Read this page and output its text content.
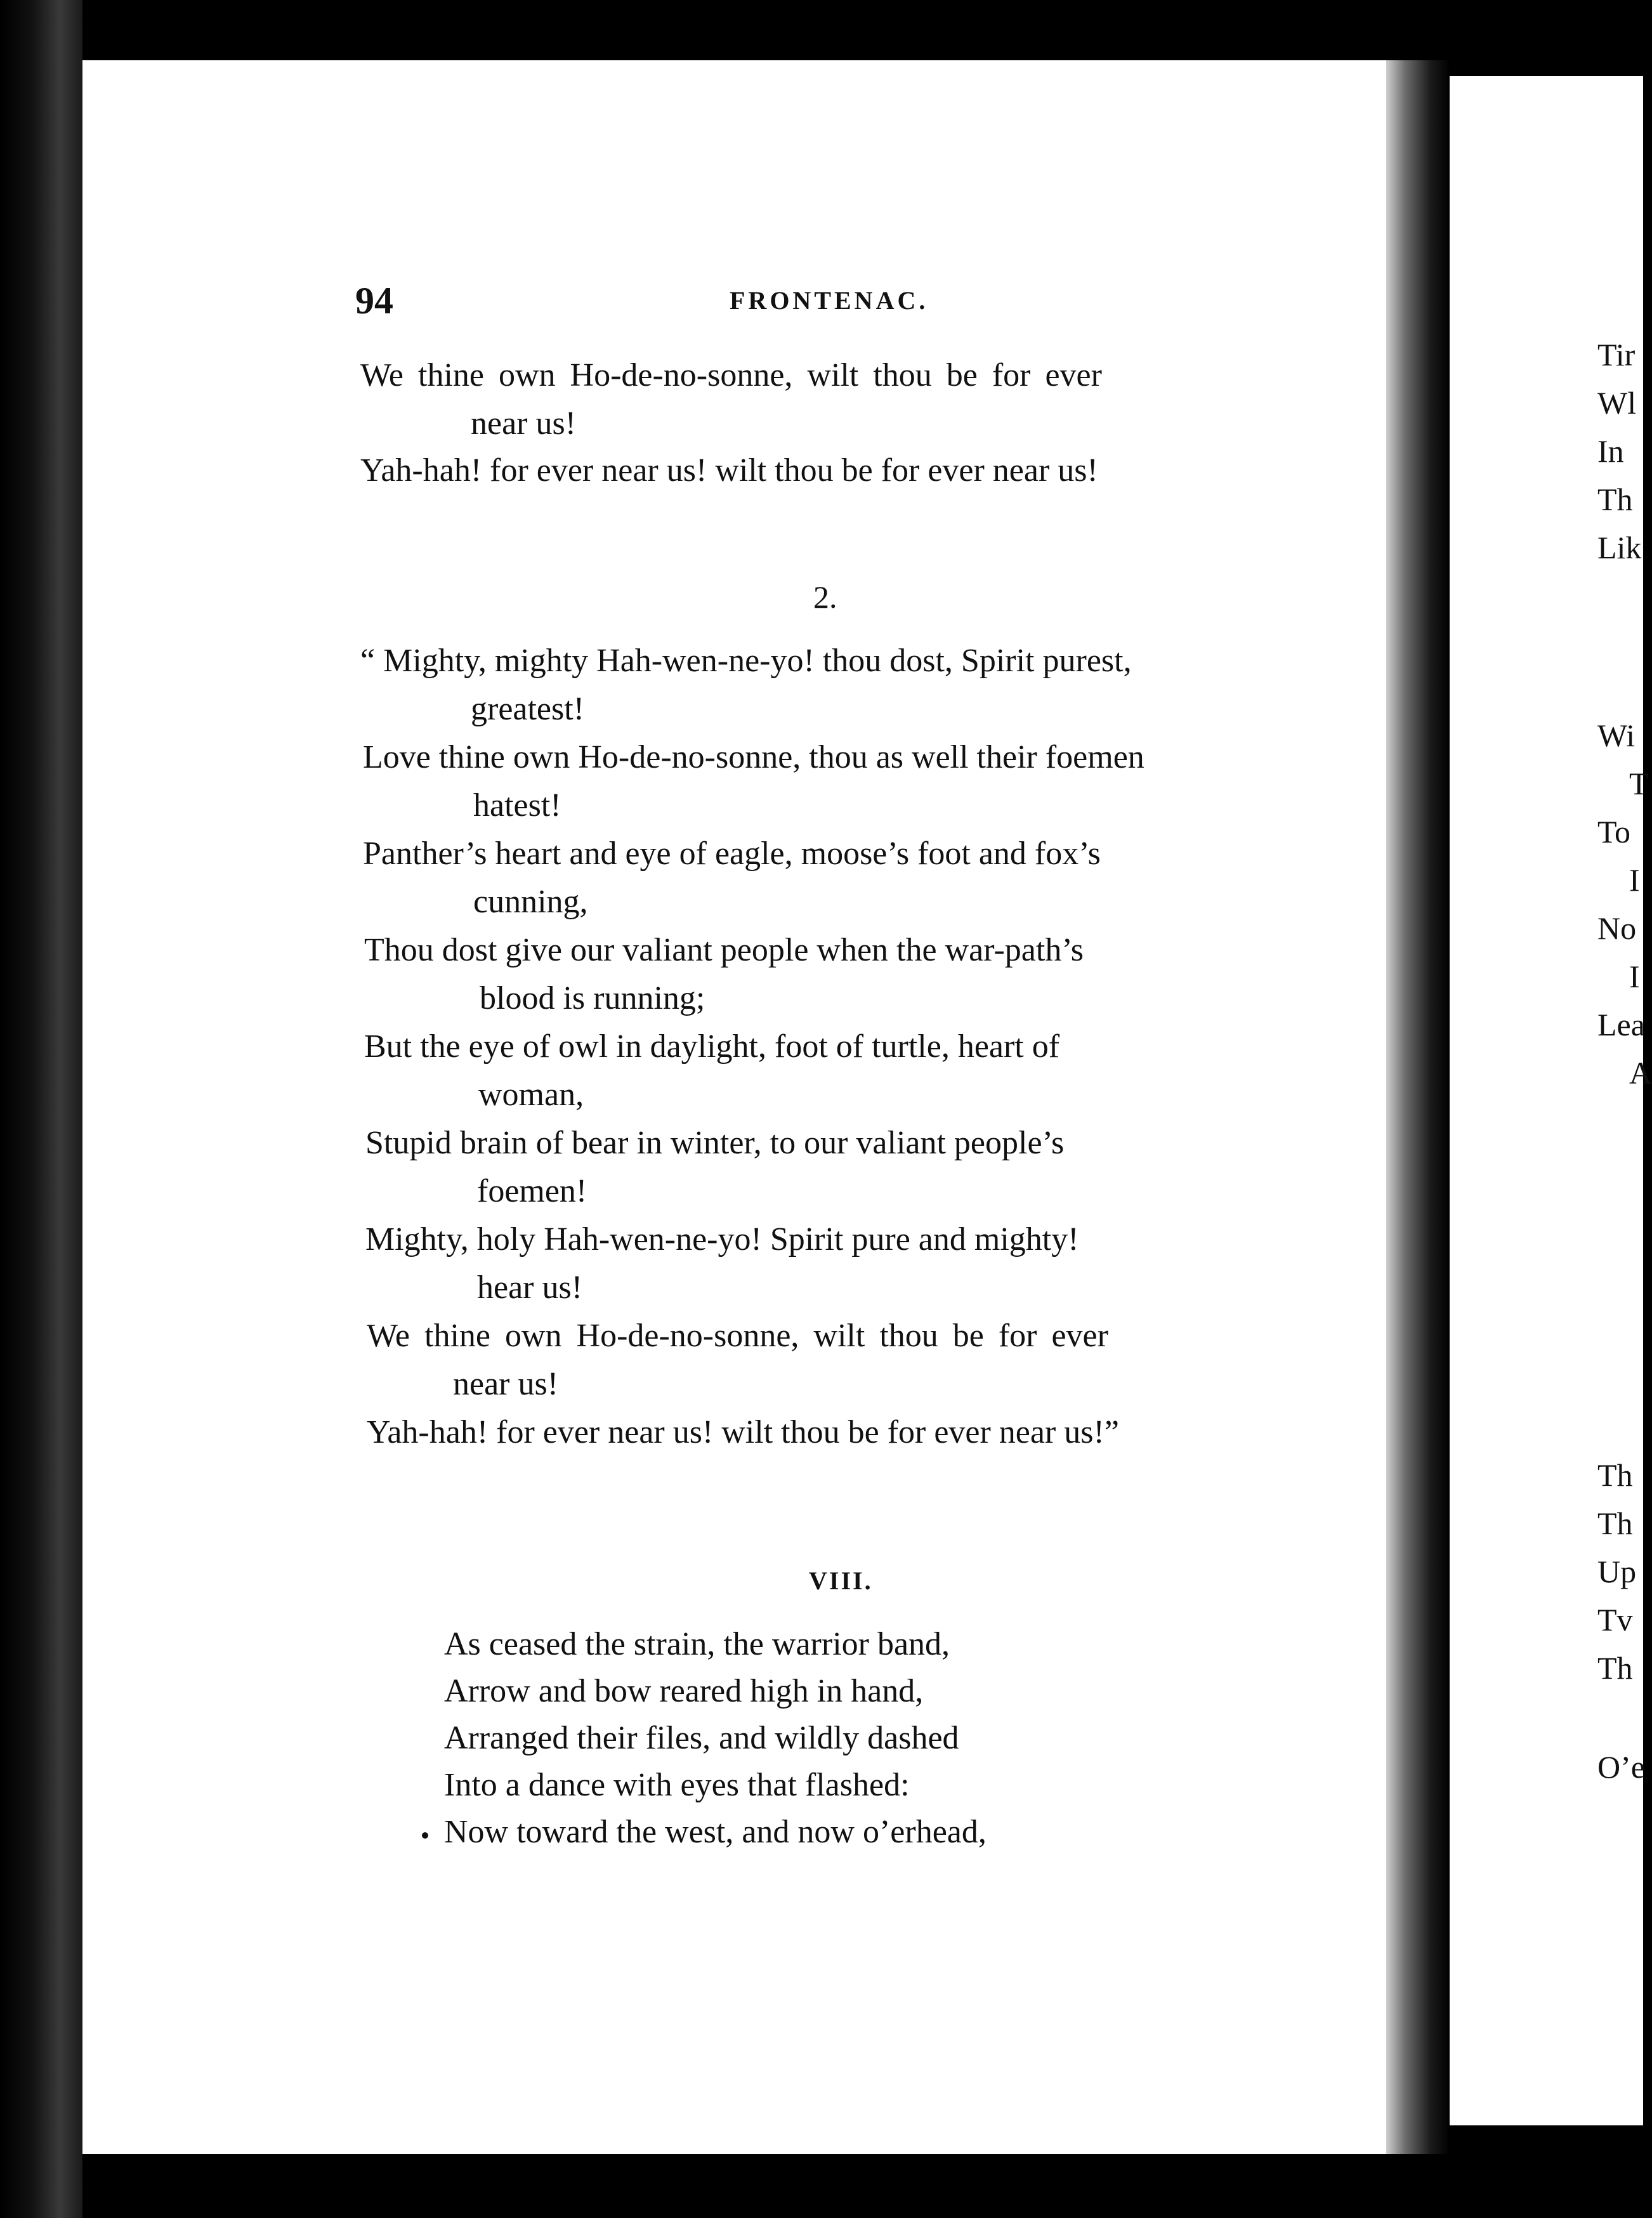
94	FRONTENAC.
We thine own Ho-de-no-sonne, wilt thou be for ever
near us!
Yah-hah! for ever near us! wilt thou be for ever near us!
2.
“ Mighty, mighty Hah-wen-ne-yo! thou dost, Spirit purest,
greatest!
Love thine own Ho-de-no-sonne, thou as well their foemen
hatest!
Panther’s heart and eye of eagle, moose’s foot and fox’s
cunning,
Thou dost give our valiant people when the war-path’s
blood is running;
But the eye of owl in daylight, foot of turtle, heart of
woman,
Stupid brain of bear in winter, to our valiant people’s
foemen!
Mighty, holy Hah-wen-ne-yo! Spirit pure and mighty!
hear us!
We thine own Ho-de-no-sonne, wilt thou be for ever
near us!
Yah-hah! for ever near us! wilt thou be for ever near us!”
VIII.
As ceased the strain, the warrior band,
Arrow and bow reared high in hand,
Arranged their files, and wildly dashed
Into a dance with eyes that flashed:
Now toward the west, and now o’erhead,
Tir
Wl
In
Th
Lik
Wi
T
To
I
No
I
Lea
A
Th
Th
Up
Tv
Th
O’e
